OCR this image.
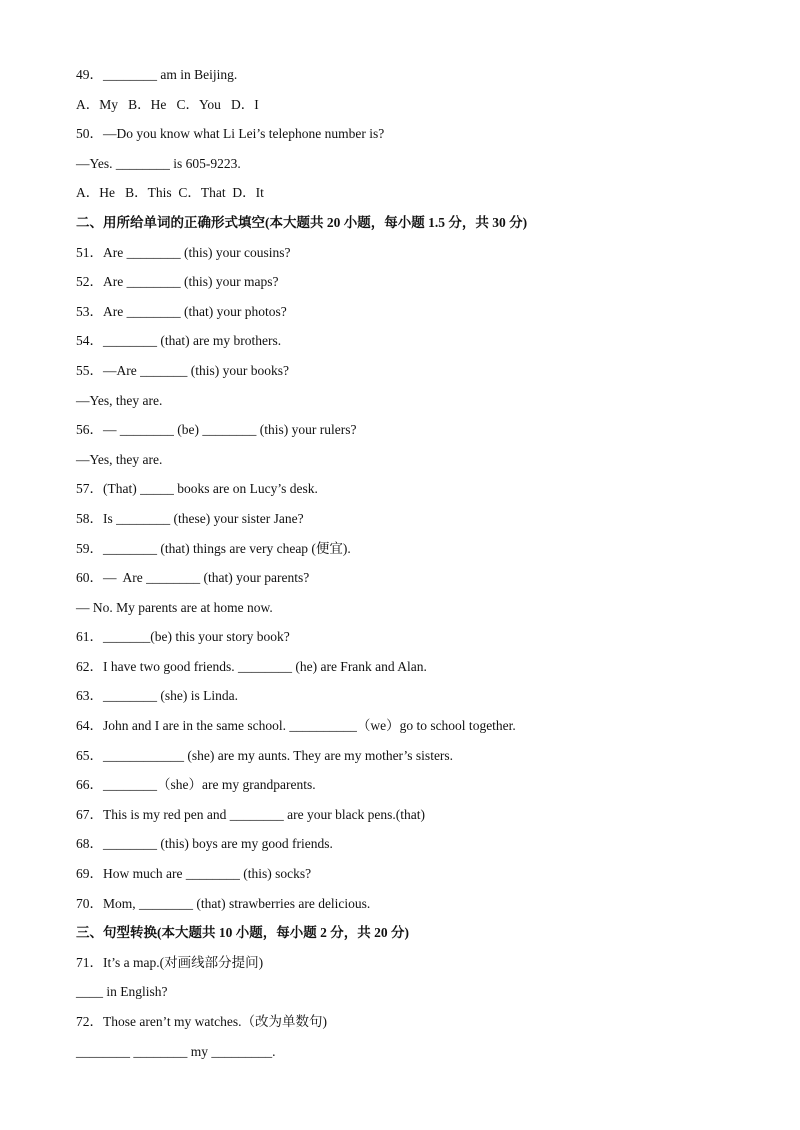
49．________ am in Beijing.
A．My   B．He   C．You   D．I
50．—Do you know what Li Lei’s telephone number is?
—Yes. ________ is 605-9223.
A．He   B．This  C．That  D．It
二、用所给单词的正确形式填空(本大题共 20 小题，每小题 1.5 分，共 30 分)
51．Are ________ (this) your cousins?
52．Are ________ (this) your maps?
53．Are ________ (that) your photos?
54．________ (that) are my brothers.
55．—Are _______ (this) your books?
—Yes, they are.
56．— ________ (be) ________ (this) your rulers?
—Yes, they are.
57．(That) _____ books are on Lucy’s desk.
58．Is ________ (these) your sister Jane?
59．________ (that) things are very cheap (便宜).
60．—  Are ________ (that) your parents?
— No. My parents are at home now.
61．_______(be) this your story book?
62．I have two good friends. ________ (he) are Frank and Alan.
63．________ (she) is Linda.
64．John and I are in the same school. __________（we）go to school together.
65．____________ (she) are my aunts. They are my mother’s sisters.
66．________（she）are my grandparents.
67．This is my red pen and ________ are your black pens.(that)
68．________ (this) boys are my good friends.
69．How much are ________ (this) socks?
70．Mom, ________ (that) strawberries are delicious.
三、句型转换(本大题共 10 小题，每小题 2 分，共 20 分)
71．It’s a map.(对画线部分提问)
____ in English?
72．Those aren’t my watches.（改为单数句)
________ ________ my _________.
